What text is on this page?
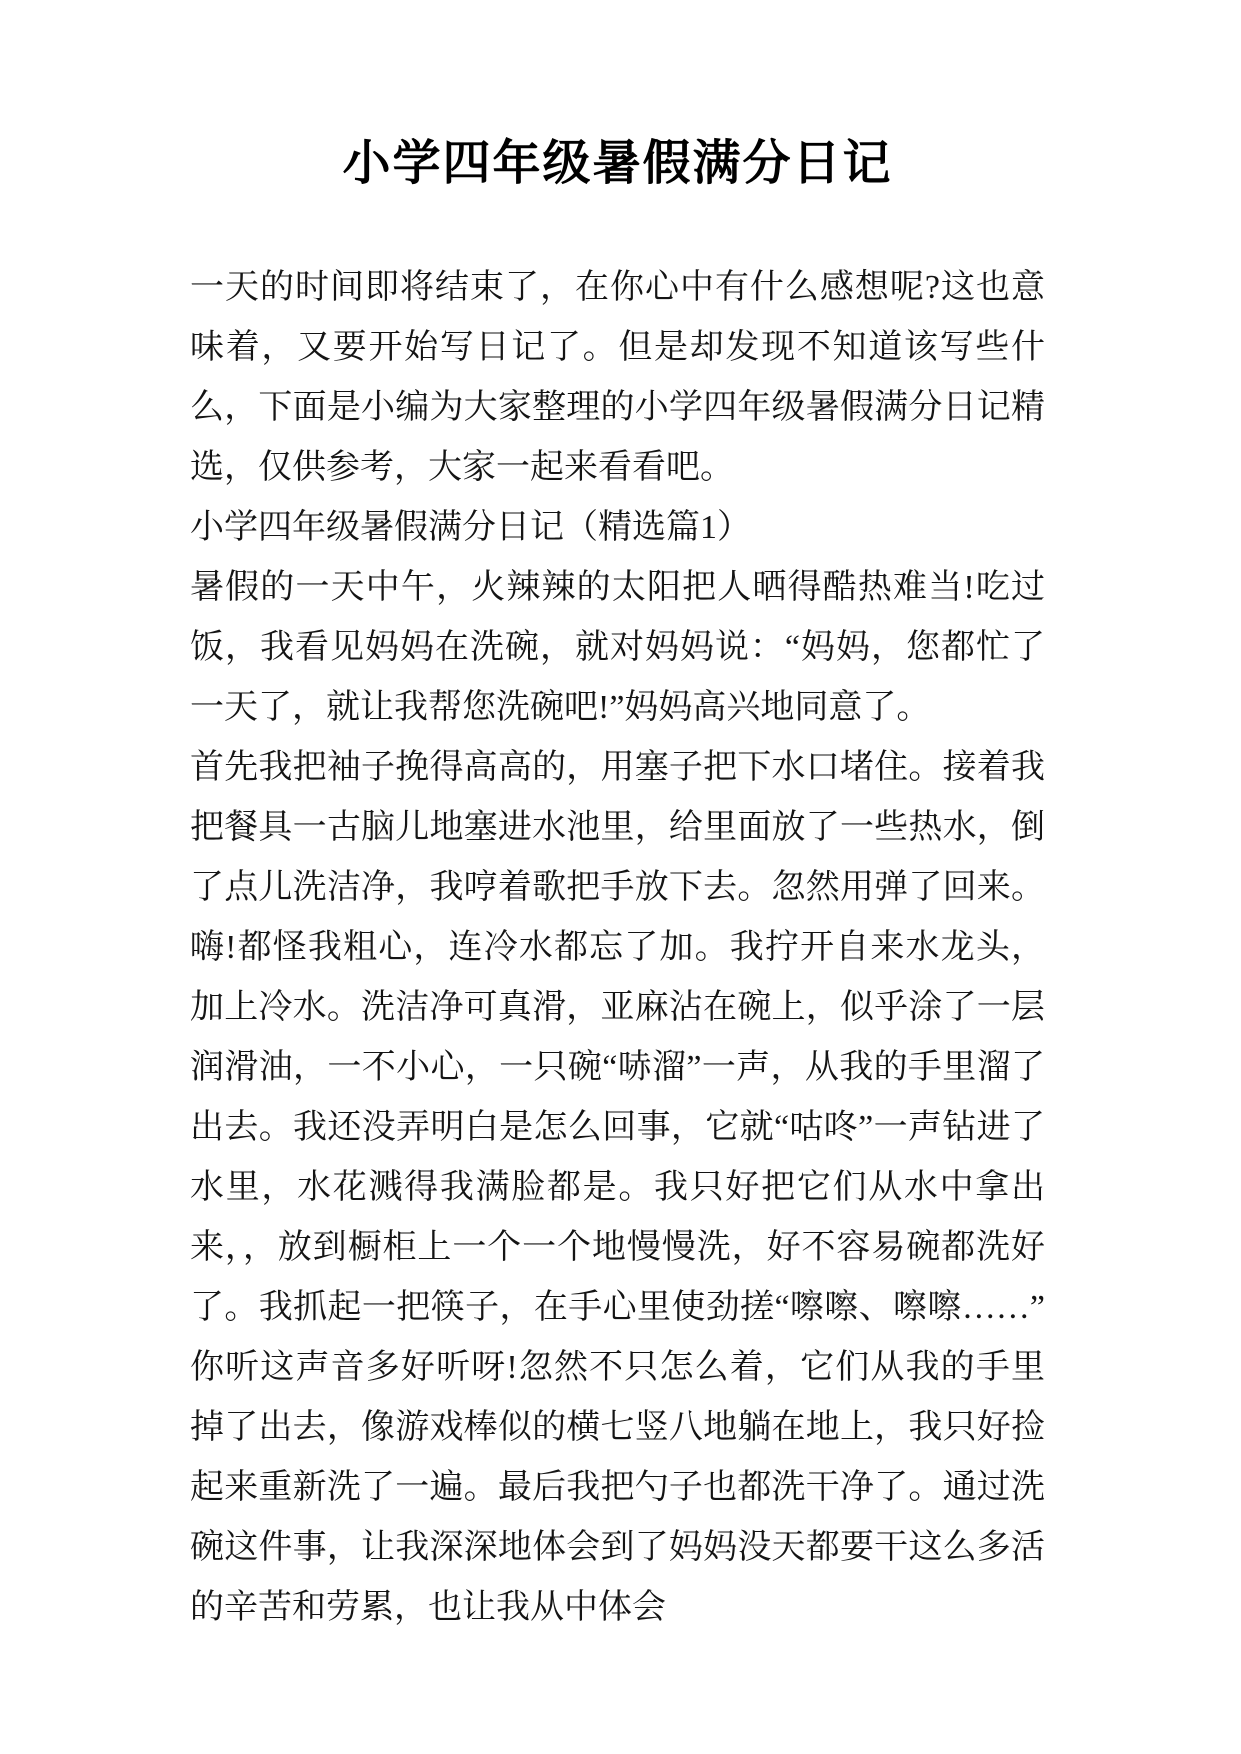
小学四年级暑假满分日记

一天的时间即将结束了，在你心中有什么感想呢?这也意味着，又要开始写日记了。但是却发现不知道该写些什么，下面是小编为大家整理的小学四年级暑假满分日记精选，仅供参考，大家一起来看看吧。

小学四年级暑假满分日记（精选篇1）

暑假的一天中午，火辣辣的太阳把人晒得酷热难当!吃过饭，我看见妈妈在洗碗，就对妈妈说：“妈妈，您都忙了一天了，就让我帮您洗碗吧!”妈妈高兴地同意了。

首先我把袖子挽得高高的，用塞子把下水口堵住。接着我把餐具一古脑儿地塞进水池里，给里面放了一些热水，倒了点儿洗洁净，我哼着歌把手放下去。忽然用弹了回来。嗨!都怪我粗心，连冷水都忘了加。我拧开自来水龙头，加上冷水。洗洁净可真滑，亚麻沾在碗上，似乎涂了一层润滑油，一不小心，一只碗“哧溜”一声，从我的手里溜了出去。我还没弄明白是怎么回事，它就“咕咚”一声钻进了水里，水花溅得我满脸都是。我只好把它们从水中拿出来，，放到橱柜上一个一个地慢慢洗，好不容易碗都洗好了。我抓起一把筷子，在手心里使劲搓“嚓嚓、嚓嚓……”你听这声音多好听呀!忽然不只怎么着，它们从我的手里掉了出去，像游戏棒似的横七竖八地躺在地上，我只好捡起来重新洗了一遍。最后我把勺子也都洗干净了。通过洗碗这件事，让我深深地体会到了妈妈没天都要干这么多活的辛苦和劳累，也让我从中体会
